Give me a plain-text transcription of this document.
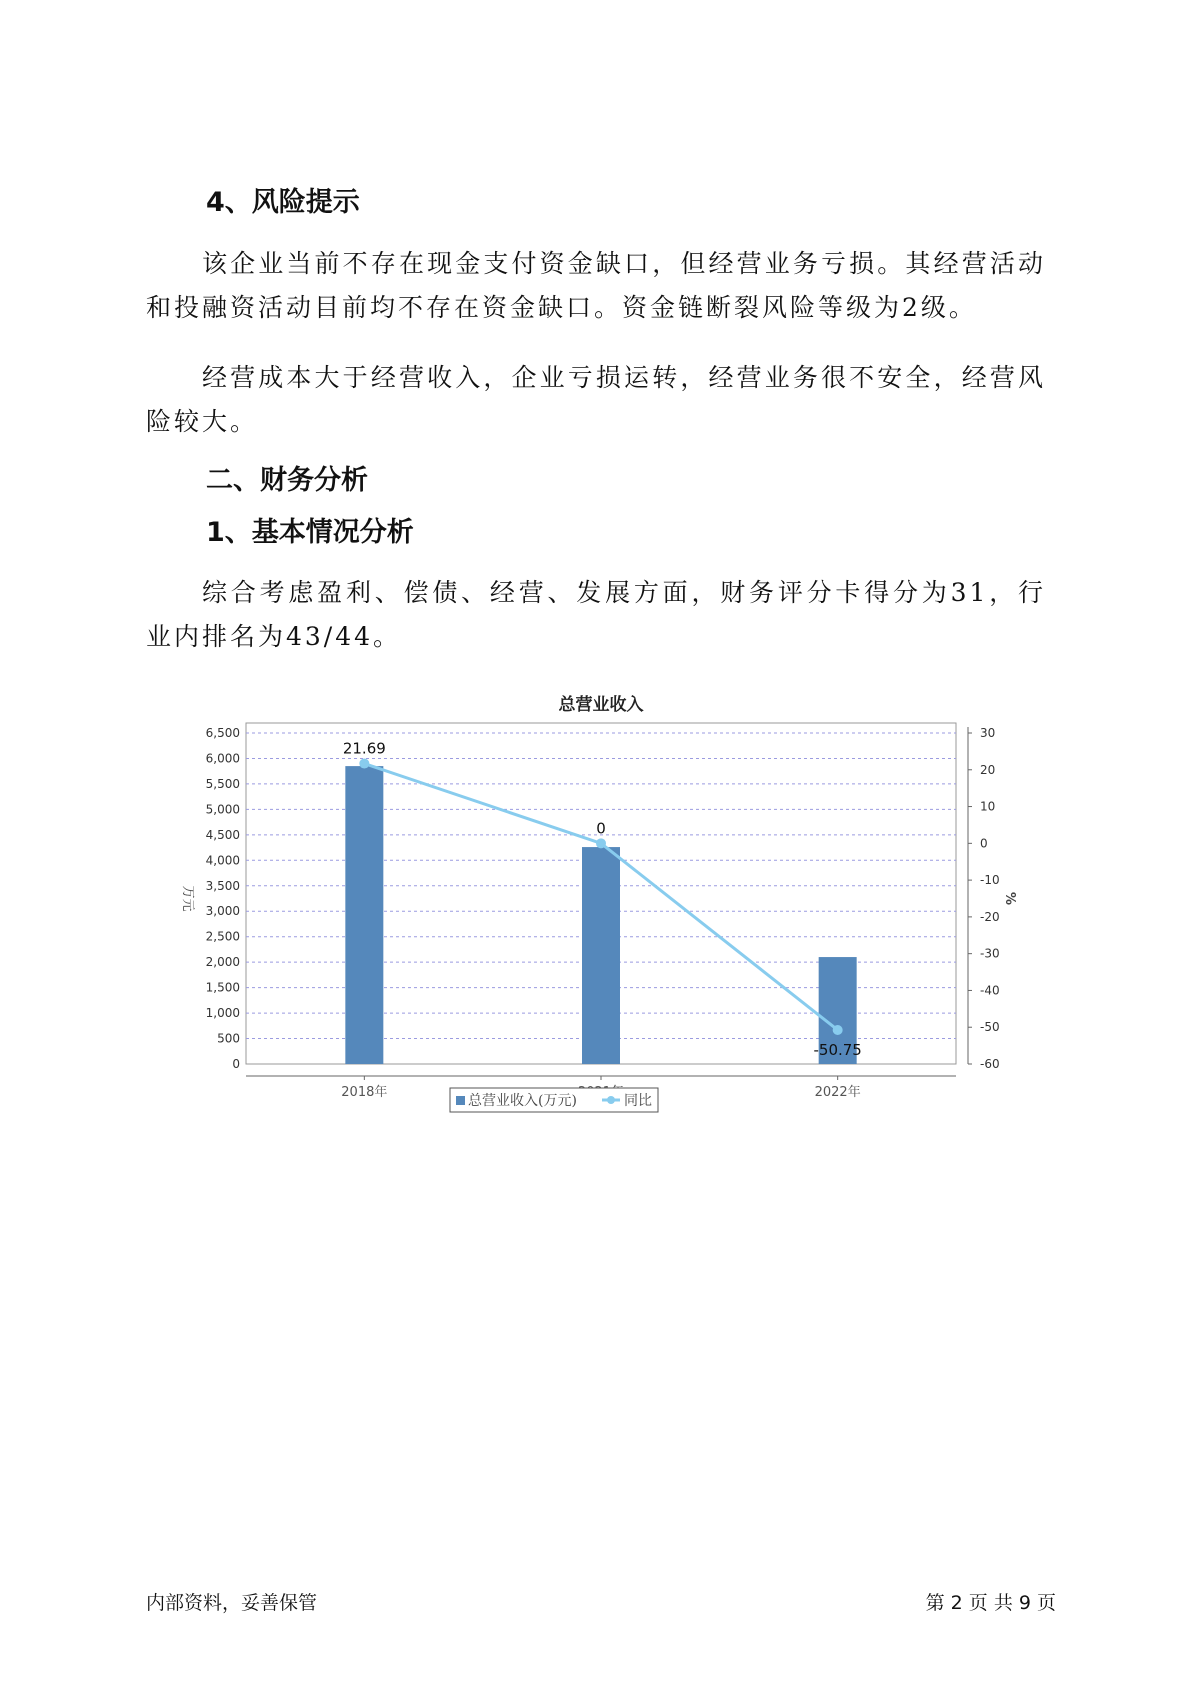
4、风险提示

该企业当前不存在现金支付资金缺口，但经营业务亏损。其经营活动和投融资活动目前均不存在资金缺口。资金链断裂风险等级为2级。

经营成本大于经营收入，企业亏损运转，经营业务很不安全，经营风险较大。

二、财务分析
1、基本情况分析

综合考虑盈利、偿债、经营、发展方面，财务评分卡得分为31，行业内排名为43/44。

总营业收入
0
500
1,000
1,500
2,000
2,500
3,000
3,500
4,000
4,500
5,000
5,500
6,000
6,500
-60
-50
-40
-30
-20
-10
0
10
20
30
万元	%
2018年	2022年
21.69
0
-50.75
总营业收入(万元)	同比
内部资料，妥善保管	第 2 页 共 9 页
